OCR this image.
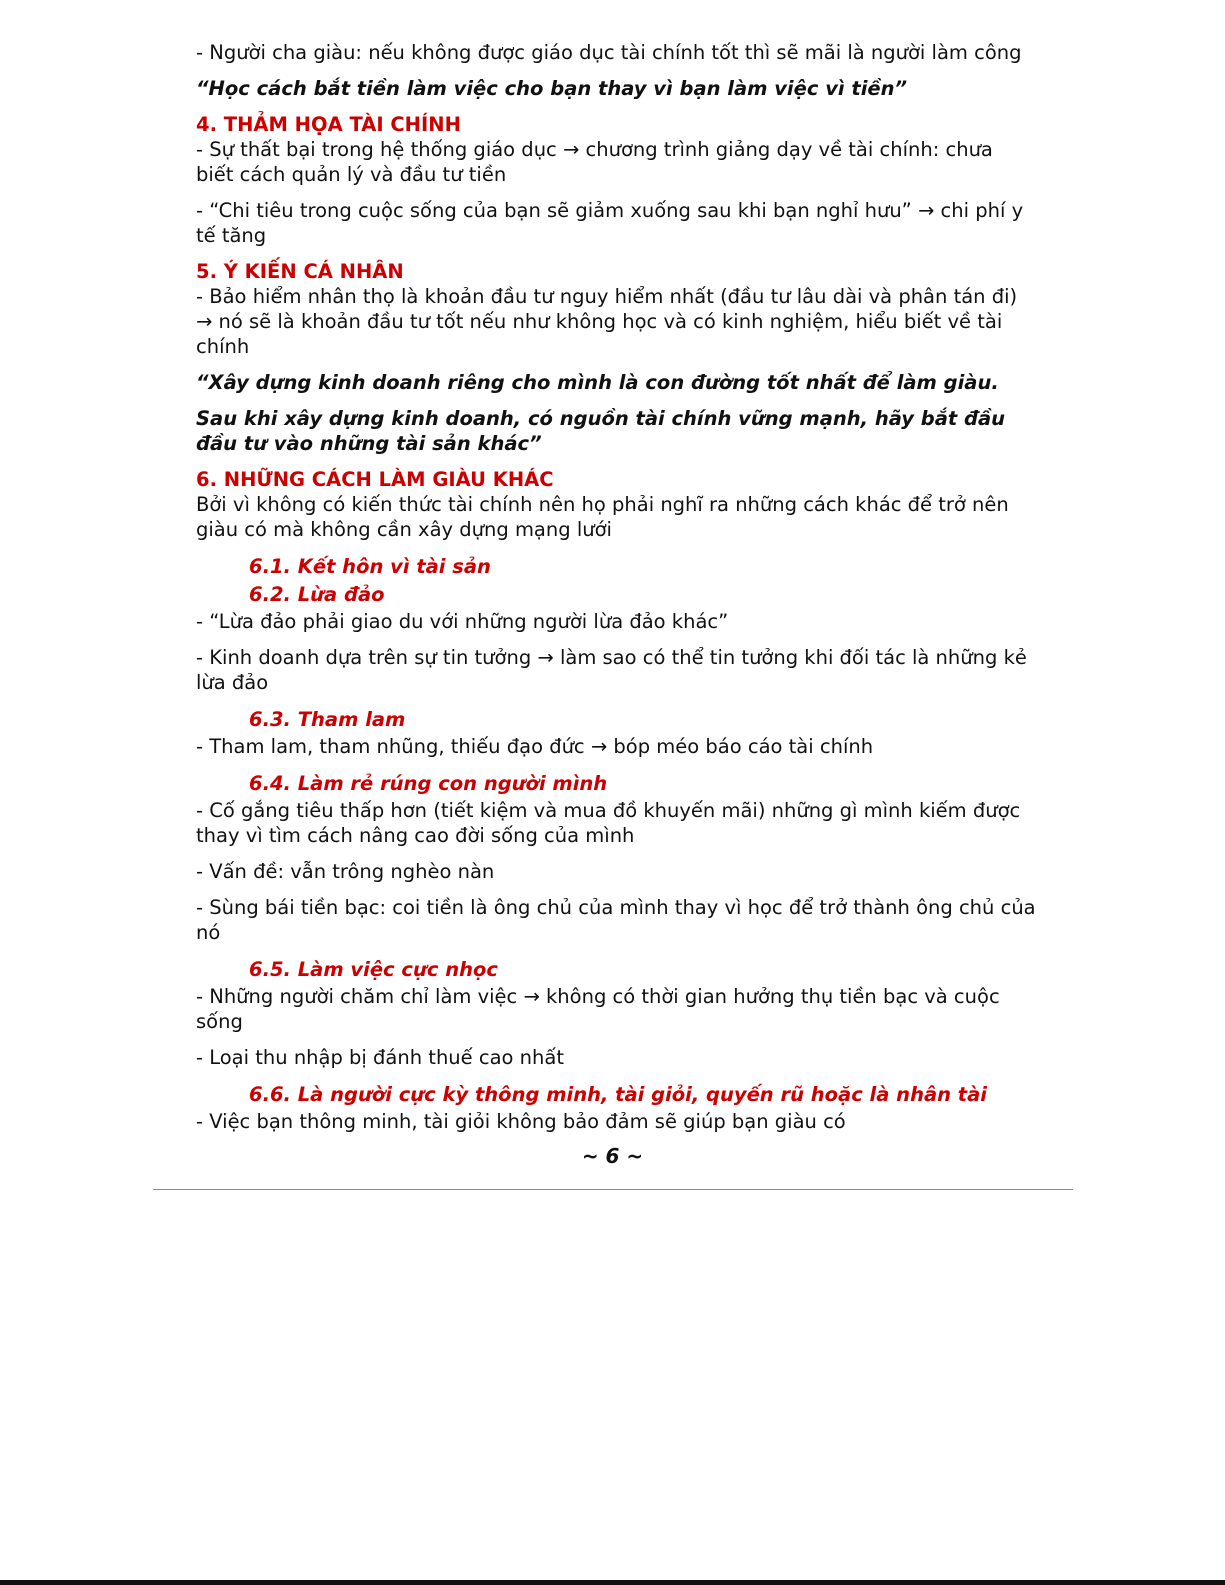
- Người cha giàu: nếu không được giáo dục tài chính tốt thì sẽ mãi là người làm công

“Học cách bắt tiền làm việc cho bạn thay vì bạn làm việc vì tiền”

4. THẢM HỌA TÀI CHÍNH

- Sự thất bại trong hệ thống giáo dục → chương trình giảng dạy về tài chính: chưa biết cách quản lý và đầu tư tiền

- “Chi tiêu trong cuộc sống của bạn sẽ giảm xuống sau khi bạn nghỉ hưu” → chi phí y tế tăng

5. Ý KIẾN CÁ NHÂN

- Bảo hiểm nhân thọ là khoản đầu tư nguy hiểm nhất (đầu tư lâu dài và phân tán đi) → nó sẽ là khoản đầu tư tốt nếu như không học và có kinh nghiệm, hiểu biết về tài chính

“Xây dựng kinh doanh riêng cho mình là con đường tốt nhất để làm giàu.

Sau khi xây dựng kinh doanh, có nguồn tài chính vững mạnh, hãy bắt đầu đầu tư vào những tài sản khác”

6. NHỮNG CÁCH LÀM GIÀU KHÁC

Bởi vì không có kiến thức tài chính nên họ phải nghĩ ra những cách khác để trở nên giàu có mà không cần xây dựng mạng lưới

6.1. Kết hôn vì tài sản

6.2. Lừa đảo

- “Lừa đảo phải giao du với những người lừa đảo khác”

- Kinh doanh dựa trên sự tin tưởng → làm sao có thể tin tưởng khi đối tác là những kẻ lừa đảo

6.3. Tham lam

- Tham lam, tham nhũng, thiếu đạo đức → bóp méo báo cáo tài chính

6.4. Làm rẻ rúng con người mình

- Cố gắng tiêu thấp hơn (tiết kiệm và mua đồ khuyến mãi) những gì mình kiếm được thay vì tìm cách nâng cao đời sống của mình

- Vấn đề: vẫn trông nghèo nàn

- Sùng bái tiền bạc: coi tiền là ông chủ của mình thay vì học để trở thành ông chủ của nó

6.5. Làm việc cực nhọc

- Những người chăm chỉ làm việc → không có thời gian hưởng thụ tiền bạc và cuộc sống

- Loại thu nhập bị đánh thuế cao nhất

6.6. Là người cực kỳ thông minh, tài giỏi, quyến rũ hoặc là nhân tài

- Việc bạn thông minh, tài giỏi không bảo đảm sẽ giúp bạn giàu có

~ 6 ~
